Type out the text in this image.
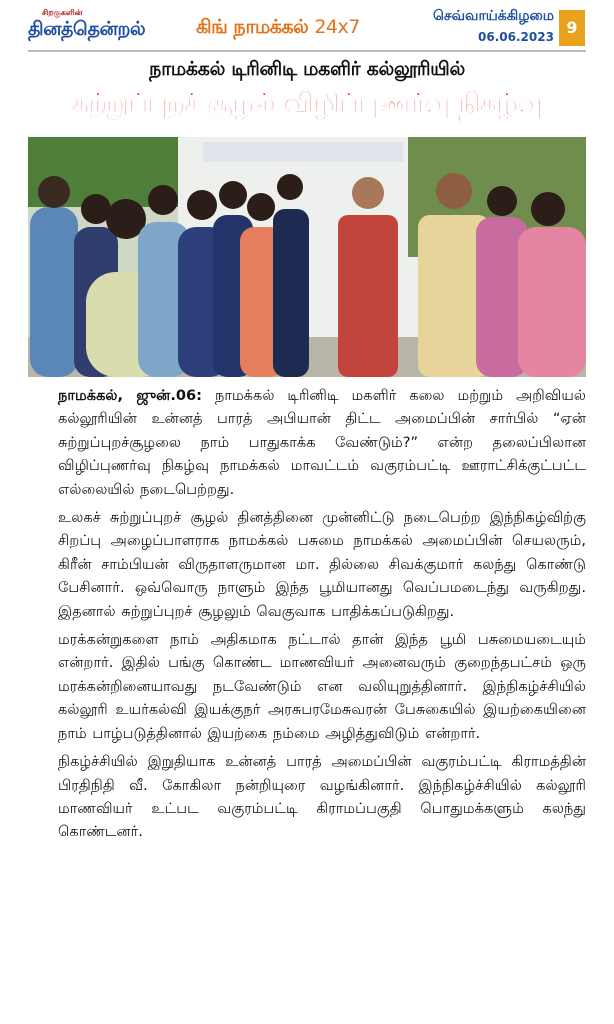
சிறகுகளின்
தினத்தென்றல்	கிங் நாமக்கல் 24x7	செவ்வாய்க்கிழமை
06.06.2023 9
நாமக்கல் டிரினிடி மகளிர் கல்லூரியில்
சுற்றுப்புறச் சூழல் விழிப்புணர்வு நிகழ்வு

நாமக்கல், ஜுன்.06: நாமக்கல் டிரினிடி மகளிர் கலை மற்றும் அறிவியல் கல்லூரியின் உன்னத் பாரத் அபியான் திட்ட அமைப்பின் சார்பில் “ஏன் சுற்றுப்புறச்சூழலை நாம் பாதுகாக்க வேண்டும்?” என்ற தலைப்பிலான விழிப்புணர்வு நிகழ்வு நாமக்கல் மாவட்டம் வகுரம்பட்டி ஊராட்சிக்குட்பட்ட எல்லையில் நடைபெற்றது.

உலகச் சுற்றுப்புறச் சூழல் தினத்தினை முன்னிட்டு நடைபெற்ற இந்நிகழ்விற்கு சிறப்பு அழைப்பாளராக நாமக்கல் பசுமை நாமக்கல் அமைப்பின் செயலரும், கிரீன் சாம்பியன் விருதாளருமான மா. தில்லை சிவக்குமார் கலந்து கொண்டு பேசினார். ஒவ்வொரு நாளும் இந்த பூமியானது வெப்பமடைந்து வருகிறது. இதனால் சுற்றுப்புறச் சூழலும் வெகுவாக பாதிக்கப்படுகிறது.

மரக்கன்றுகளை நாம் அதிகமாக நட்டால் தான் இந்த பூமி பசுமையடையும் என்றார். இதில் பங்கு கொண்ட மாணவியர் அனைவரும் குறைந்தபட்சம் ஒரு மரக்கன்றினையாவது நடவேண்டும் என வலியுறுத்தினார். இந்நிகழ்ச்சியில் கல்லூரி உயர்கல்வி இயக்குநர் அரசுபரமேசுவரன் பேசுகையில் இயற்கையினை நாம் பாழ்படுத்தினால் இயற்கை நம்மை அழித்துவிடும் என்றார்.

நிகழ்ச்சியில் இறுதியாக உன்னத் பாரத் அமைப்பின் வகுரம்பட்டி கிராமத்தின் பிரதிநிதி வீ. கோகிலா நன்றியுரை வழங்கினார். இந்நிகழ்ச்சியில் கல்லூரி மாணவியர் உட்பட வகுரம்பட்டி கிராமப்பகுதி பொதுமக்களும் கலந்து கொண்டனர்.
